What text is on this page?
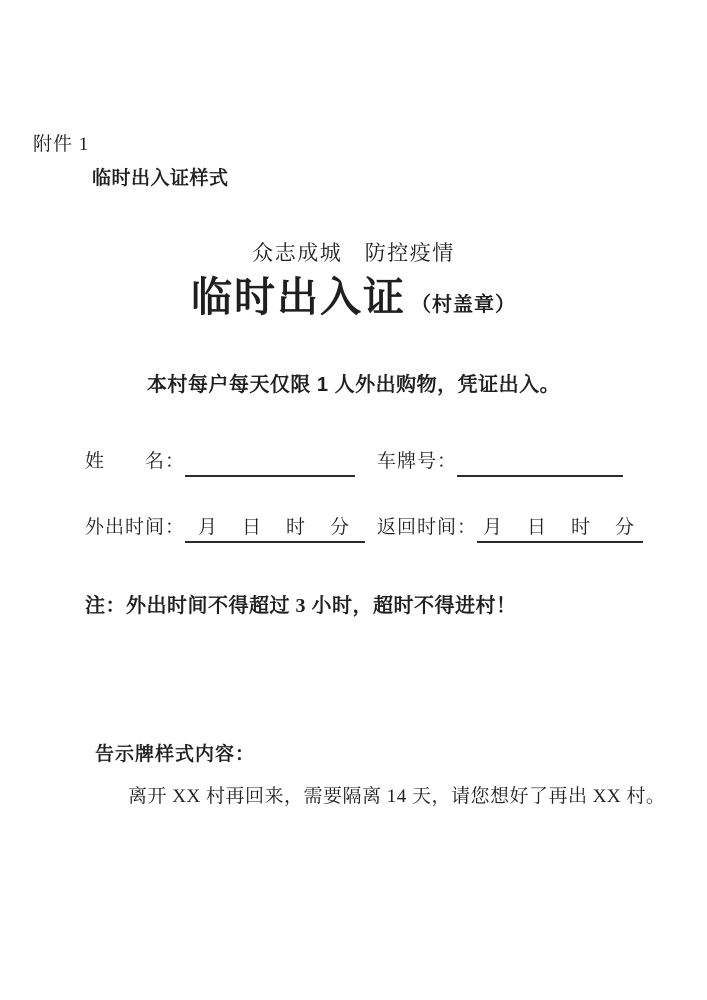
附件 1
临时出入证样式
众志成城　防控疫情
临时出入证 （村盖章）
本村每户每天仅限 1 人外出购物，凭证出入。
姓　　名： ​	车牌号：​
外出时间： 月　日　时　分 返回时间： 月　日　时　分
注：外出时间不得超过 3 小时，超时不得进村！
告示牌样式内容：
离开 XX 村再回来，需要隔离 14 天，请您想好了再出 XX 村。
